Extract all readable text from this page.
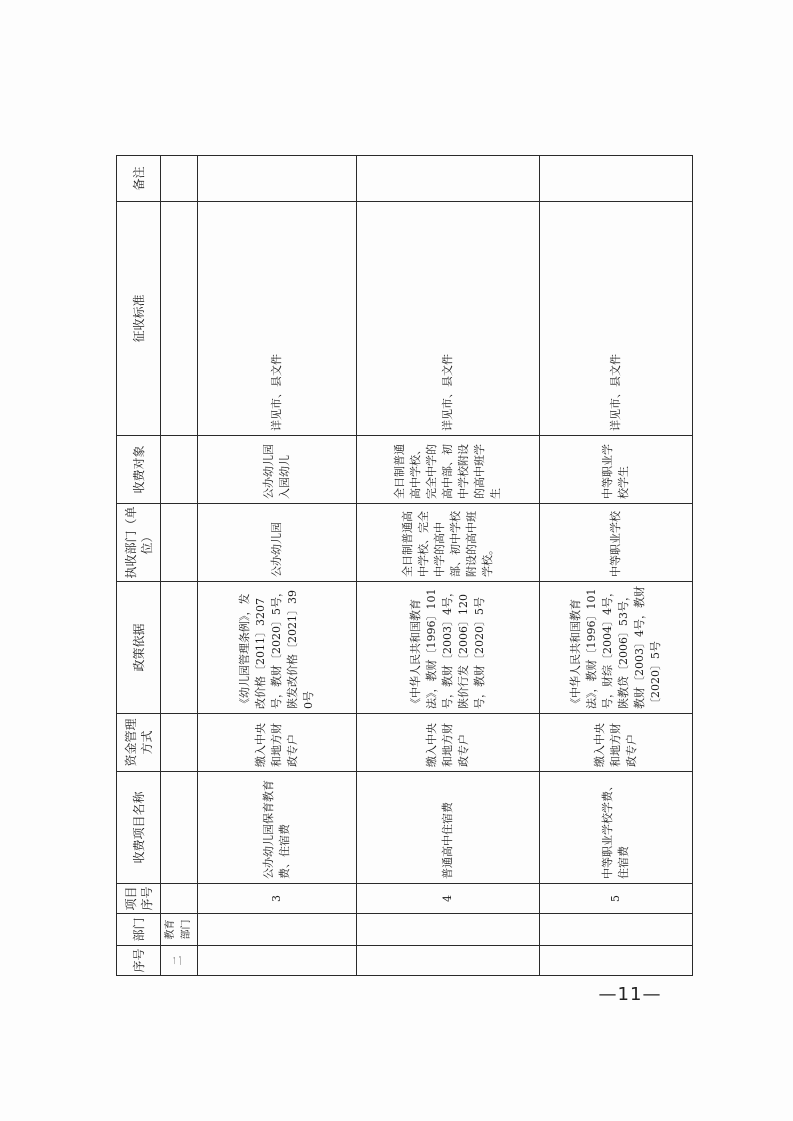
序号	部门	项目序号	收费项目名称	资金管理方式	政策依据	执收部门（单位）	收费对象	征收标准	备注
二	教育部门								
		3	公办幼儿园保育教育费、住宿费	缴入中央和地方财政专户	《幼儿园管理条例》，发改价格〔2011〕3207号，教财〔2020〕5号，陕发改价格〔2021〕390号	公办幼儿园	公办幼儿园入园幼儿	详见市、县文件	
		4	普通高中住宿费	缴入中央和地方财政专户	《中华人民共和国教育法》，教财〔1996〕101号，教财〔2003〕4号，陕价行发〔2006〕120号，教财〔2020〕5号	全日制普通高中学校、完全中学的高中部、初中学校附设的高中班学校。	全日制普通高中学校、完全中学的高中部、初中学校附设的高中班学生	详见市、县文件	
		5	中等职业学校学费、住宿费	缴入中央和地方财政专户	《中华人民共和国教育法》，教财〔1996〕101号，财综〔2004〕4号，陕教贷〔2006〕53号，教财〔2003〕4号，教财〔2020〕5号	中等职业学校	中等职业学校学生	详见市、县文件	
—11—
